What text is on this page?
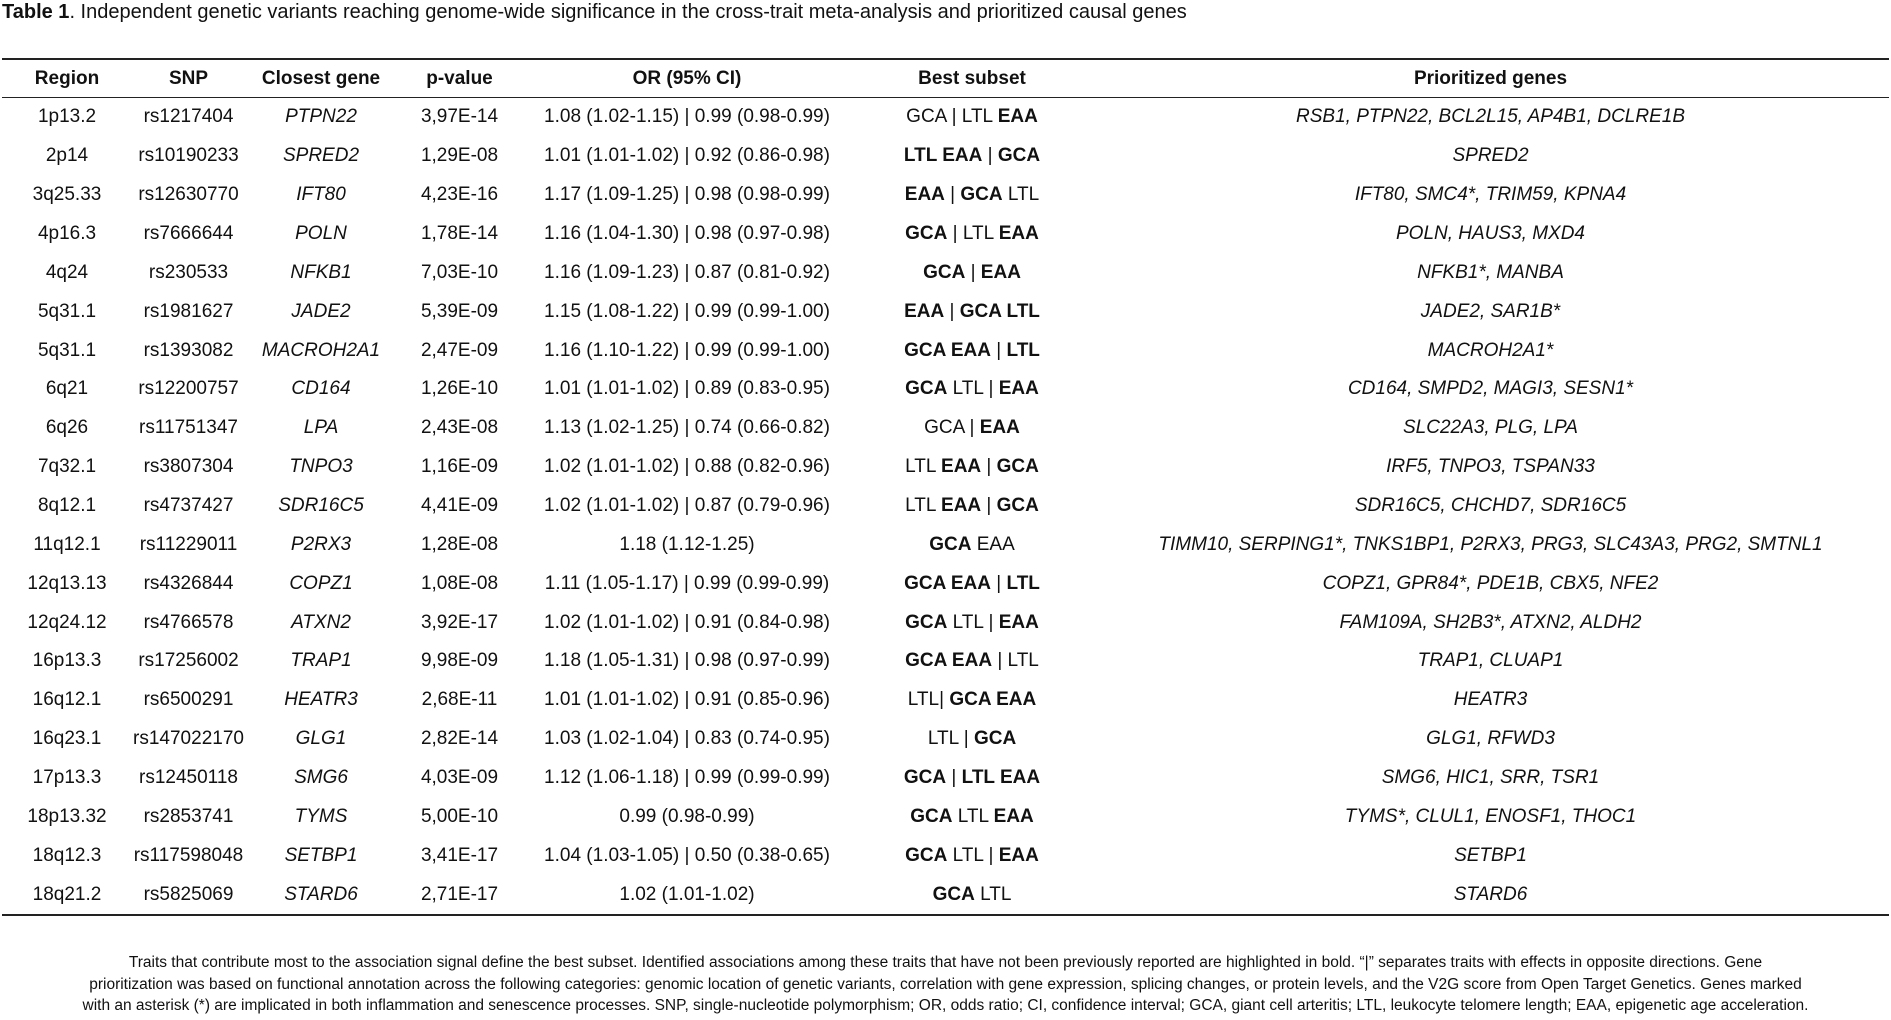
Table 1. Independent genetic variants reaching genome-wide significance in the cross-trait meta-analysis and prioritized causal genes
Region	SNP	Closest gene	p-value	OR (95% CI)	Best subset	Prioritized genes
1p13.2	rs1217404	PTPN22	3,97E-14	1.08 (1.02-1.15) | 0.99 (0.98-0.99)	GCA | LTL EAA	RSB1, PTPN22, BCL2L15, AP4B1, DCLRE1B
2p14	rs10190233	SPRED2	1,29E-08	1.01 (1.01-1.02) | 0.92 (0.86-0.98)	LTL EAA | GCA	SPRED2
3q25.33	rs12630770	IFT80	4,23E-16	1.17 (1.09-1.25) | 0.98 (0.98-0.99)	EAA | GCA LTL	IFT80, SMC4*, TRIM59, KPNA4
4p16.3	rs7666644	POLN	1,78E-14	1.16 (1.04-1.30) | 0.98 (0.97-0.98)	GCA | LTL EAA	POLN, HAUS3, MXD4
4q24	rs230533	NFKB1	7,03E-10	1.16 (1.09-1.23) | 0.87 (0.81-0.92)	GCA | EAA	NFKB1*, MANBA
5q31.1	rs1981627	JADE2	5,39E-09	1.15 (1.08-1.22) | 0.99 (0.99-1.00)	EAA | GCA LTL	JADE2, SAR1B*
5q31.1	rs1393082	MACROH2A1	2,47E-09	1.16 (1.10-1.22) | 0.99 (0.99-1.00)	GCA EAA | LTL	MACROH2A1*
6q21	rs12200757	CD164	1,26E-10	1.01 (1.01-1.02) | 0.89 (0.83-0.95)	GCA LTL | EAA	CD164, SMPD2, MAGI3, SESN1*
6q26	rs11751347	LPA	2,43E-08	1.13 (1.02-1.25) | 0.74 (0.66-0.82)	GCA | EAA	SLC22A3, PLG, LPA
7q32.1	rs3807304	TNPO3	1,16E-09	1.02 (1.01-1.02) | 0.88 (0.82-0.96)	LTL EAA | GCA	IRF5, TNPO3, TSPAN33
8q12.1	rs4737427	SDR16C5	4,41E-09	1.02 (1.01-1.02) | 0.87 (0.79-0.96)	LTL EAA | GCA	SDR16C5, CHCHD7, SDR16C5
11q12.1	rs11229011	P2RX3	1,28E-08	1.18 (1.12-1.25)	GCA EAA	TIMM10, SERPING1*, TNKS1BP1, P2RX3, PRG3, SLC43A3, PRG2, SMTNL1
12q13.13	rs4326844	COPZ1	1,08E-08	1.11 (1.05-1.17) | 0.99 (0.99-0.99)	GCA EAA | LTL	COPZ1, GPR84*, PDE1B, CBX5, NFE2
12q24.12	rs4766578	ATXN2	3,92E-17	1.02 (1.01-1.02) | 0.91 (0.84-0.98)	GCA LTL | EAA	FAM109A, SH2B3*, ATXN2, ALDH2
16p13.3	rs17256002	TRAP1	9,98E-09	1.18 (1.05-1.31) | 0.98 (0.97-0.99)	GCA EAA | LTL	TRAP1, CLUAP1
16q12.1	rs6500291	HEATR3	2,68E-11	1.01 (1.01-1.02) | 0.91 (0.85-0.96)	LTL| GCA EAA	HEATR3
16q23.1	rs147022170	GLG1	2,82E-14	1.03 (1.02-1.04) | 0.83 (0.74-0.95)	LTL | GCA	GLG1, RFWD3
17p13.3	rs12450118	SMG6	4,03E-09	1.12 (1.06-1.18) | 0.99 (0.99-0.99)	GCA | LTL EAA	SMG6, HIC1, SRR, TSR1
18p13.32	rs2853741	TYMS	5,00E-10	0.99 (0.98-0.99)	GCA LTL EAA	TYMS*, CLUL1, ENOSF1, THOC1
18q12.3	rs117598048	SETBP1	3,41E-17	1.04 (1.03-1.05) | 0.50 (0.38-0.65)	GCA LTL | EAA	SETBP1
18q21.2	rs5825069	STARD6	2,71E-17	1.02 (1.01-1.02)	GCA LTL	STARD6
Traits that contribute most to the association signal define the best subset. Identified associations among these traits that have not been previously reported are highlighted in bold. “|” separates traits with effects in opposite directions. Gene
prioritization was based on functional annotation across the following categories: genomic location of genetic variants, correlation with gene expression, splicing changes, or protein levels, and the V2G score from Open Target Genetics. Genes marked
with an asterisk (*) are implicated in both inflammation and senescence processes. SNP, single-nucleotide polymorphism; OR, odds ratio; CI, confidence interval; GCA, giant cell arteritis; LTL, leukocyte telomere length; EAA, epigenetic age acceleration.
